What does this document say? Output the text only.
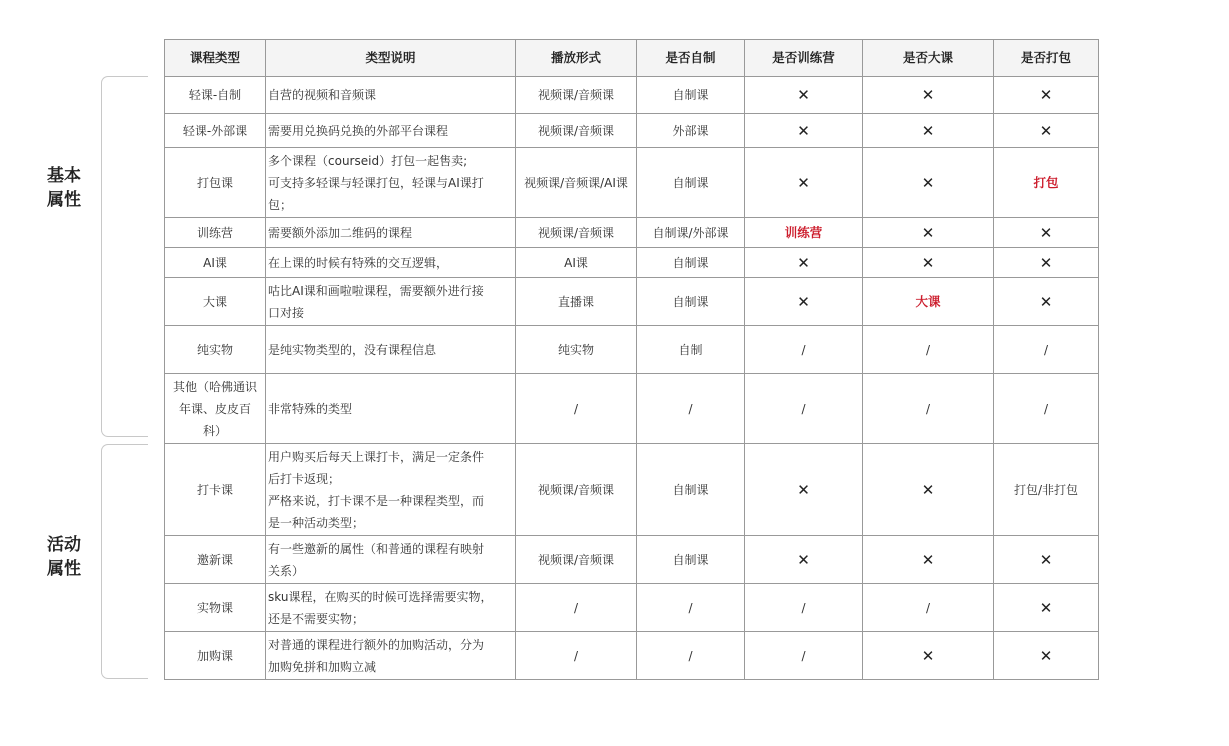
基本
属性
活动
属性
课程类型	类型说明	播放形式	是否自制	是否训练营	是否大课	是否打包

轻课-自制	自营的视频和音频课	视频课/音频课	自制课	✕	✕	✕

轻课-外部课	需要用兑换码兑换的外部平台课程	视频课/音频课	外部课	✕	✕	✕

打包课	多个课程（courseid）打包一起售卖;
可支持多轻课与轻课打包，轻课与AI课打
包；	视频课/音频课/AI课	自制课	✕	✕	打包

训练营	需要额外添加二维码的课程	视频课/音频课	自制课/外部课	训练营	✕	✕

AI课	在上课的时候有特殊的交互逻辑，	AI课	自制课	✕	✕	✕

大课	咕比AI课和画啦啦课程，需要额外进行接
口对接	直播课	自制课	✕	大课	✕

纯实物	是纯实物类型的，没有课程信息	纯实物	自制	/	/	/

其他（哈佛通识
年课、皮皮百
科）	非常特殊的类型	/	/	/	/	/

打卡课	用户购买后每天上课打卡，满足一定条件
后打卡返现；
严格来说，打卡课不是一种课程类型，而
是一种活动类型；	视频课/音频课	自制课	✕	✕	打包/非打包

邀新课	有一些邀新的属性（和普通的课程有映射
关系）	视频课/音频课	自制课	✕	✕	✕

实物课	sku课程，在购买的时候可选择需要实物，
还是不需要实物；	/	/	/	/	✕

加购课	对普通的课程进行额外的加购活动，分为
加购免拼和加购立减	/	/	/	✕	✕
